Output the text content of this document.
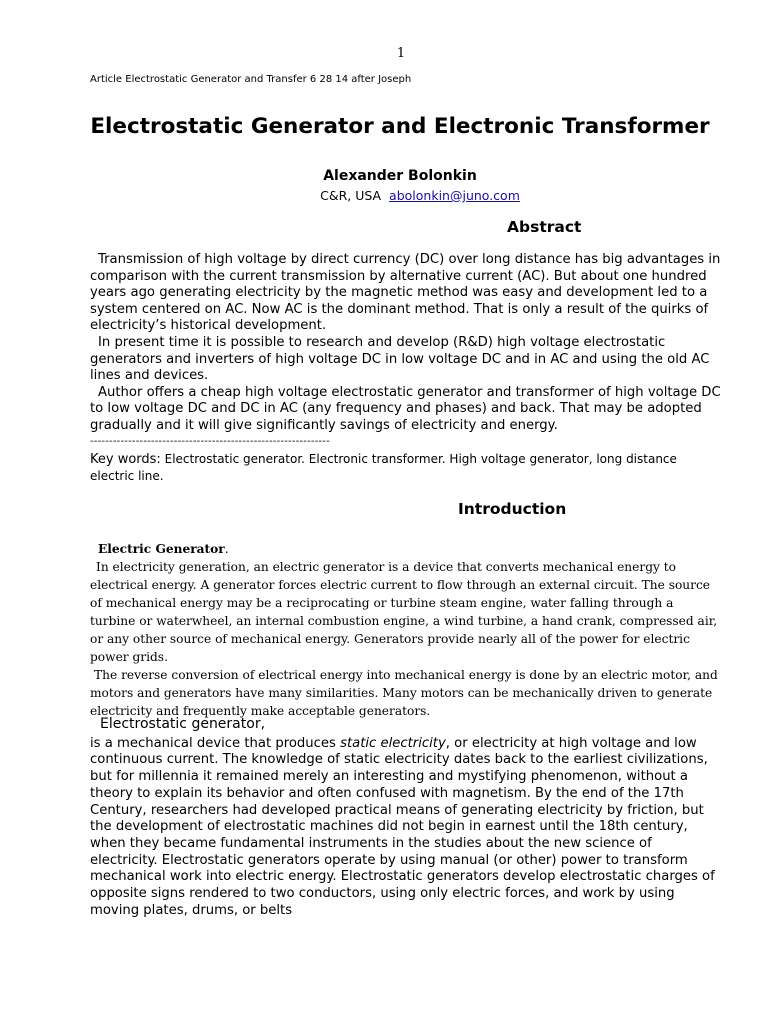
1
Article Electrostatic Generator and Transfer 6 28 14 after Joseph
Electrostatic Generator and Electronic Transformer
Alexander Bolonkin
C&R, USA abolonkin@juno.com
Abstract

Transmission of high voltage by direct currency (DC) over long distance has big advantages in comparison with the current transmission by alternative current (AC). But about one hundred years ago generating electricity by the magnetic method was easy and development led to a system centered on AC. Now AC is the dominant method. That is only a result of the quirks of electricity’s historical development.

In present time it is possible to research and develop (R&D) high voltage electrostatic generators and inverters of high voltage DC in low voltage DC and in AC and using the old AC lines and devices.

Author offers a cheap high voltage electrostatic generator and transformer of high voltage DC to low voltage DC and DC in AC (any frequency and phases) and back. That may be adopted gradually and it will give significantly savings of electricity and energy.

---------------------------------------------------------------
Key words: Electrostatic generator. Electronic transformer. High voltage generator, long distance electric line.
Introduction

Electric Generator.

In electricity generation, an electric generator is a device that converts mechanical energy to electrical energy. A generator forces electric current to flow through an external circuit. The source of mechanical energy may be a reciprocating or turbine steam engine, water falling through a turbine or waterwheel, an internal combustion engine, a wind turbine, a hand crank, compressed air, or any other source of mechanical energy. Generators provide nearly all of the power for electric power grids.

The reverse conversion of electrical energy into mechanical energy is done by an electric motor, and motors and generators have many similarities. Many motors can be mechanically driven to generate electricity and frequently make acceptable generators.

Electrostatic generator,

is a mechanical device that produces static electricity, or electricity at high voltage and low continuous current. The knowledge of static electricity dates back to the earliest civilizations, but for millennia it remained merely an interesting and mystifying phenomenon, without a theory to explain its behavior and often confused with magnetism. By the end of the 17th Century, researchers had developed practical means of generating electricity by friction, but the development of electrostatic machines did not begin in earnest until the 18th century, when they became fundamental instruments in the studies about the new science of electricity. Electrostatic generators operate by using manual (or other) power to transform mechanical work into electric energy. Electrostatic generators develop electrostatic charges of opposite signs rendered to two conductors, using only electric forces, and work by using moving plates, drums, or belts
